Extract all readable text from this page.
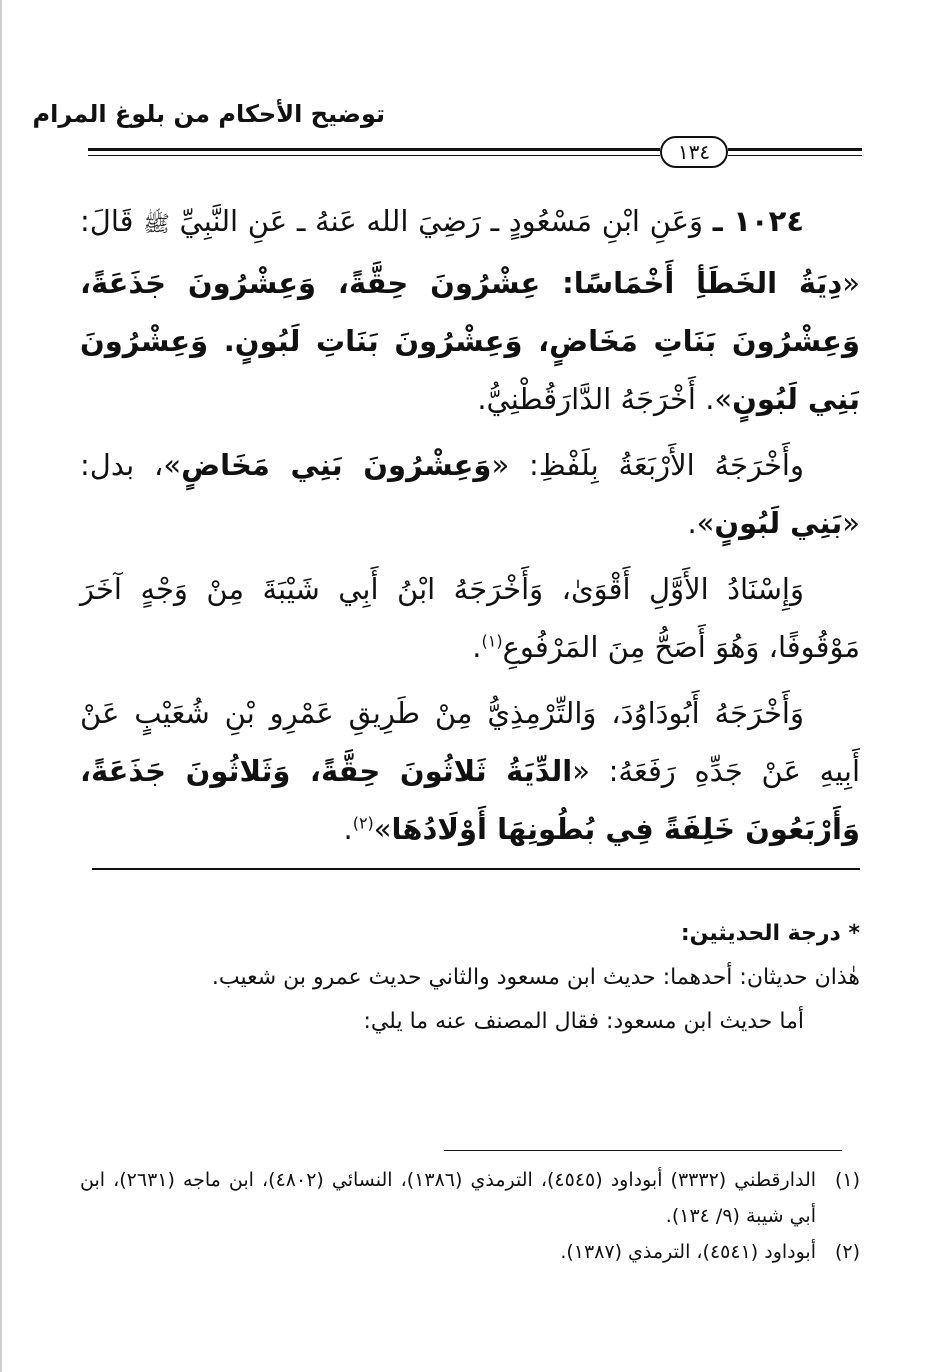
توضيح الأحكام من بلوغ المرام
١٣٤

١٠٢٤ ـ وَعَنِ ابْنِ مَسْعُودٍ ـ رَضِيَ الله عَنهُ ـ عَنِ النَّبِيِّ ﷺ قَالَ: «دِيَةُ الخَطَأِ أَخْمَاسًا: عِشْرُونَ حِقَّةً، وَعِشْرُونَ جَذَعَةً، وَعِشْرُونَ بَنَاتِ مَخَاضٍ، وَعِشْرُونَ بَنَاتِ لَبُونٍ. وَعِشْرُونَ بَنِي لَبُونٍ». أَخْرَجَهُ الدَّارَقُطْنِيُّ.

وأَخْرَجَهُ الأَرْبَعَةُ بِلَفْظِ: «وَعِشْرُونَ بَنِي مَخَاضٍ»، بدل: «بَنِي لَبُونٍ».

وَإِسْنَادُ الأَوَّلِ أَقْوَىٰ، وَأَخْرَجَهُ ابْنُ أَبِي شَيْبَةَ مِنْ وَجْهٍ آخَرَ مَوْقُوفًا، وَهُوَ أَصَحُّ مِنَ المَرْفُوعِ$^{(١)}$.

وَأَخْرَجَهُ أَبُودَاوُدَ، وَالتِّرْمِذِيُّ مِنْ طَرِيقِ عَمْرِو بْنِ شُعَيْبٍ عَنْ أَبِيهِ عَنْ جَدِّهِ رَفَعَهُ: «الدِّيَةُ ثَلاثُونَ حِقَّةً، وَثَلاثُونَ جَذَعَةً، وَأَرْبَعُونَ خَلِفَةً فِي بُطُونِهَا أَوْلَادُهَا»$^{(٢)}$.

* درجة الحديثين:

هٰذان حديثان: أحدهما: حديث ابن مسعود والثاني حديث عمرو بن شعيب.

أما حديث ابن مسعود: فقال المصنف عنه ما يلي:

(١)
الدارقطني (٣٣٣٢) أبوداود (٤٥٤٥)، الترمذي (١٣٨٦)، النسائي (٤٨٠٢)، ابن ماجه (٢٦٣١)، ابن أبي شيبة (٩/ ١٣٤).
(٢)
أبوداود (٤٥٤١)، الترمذي (١٣٨٧).
